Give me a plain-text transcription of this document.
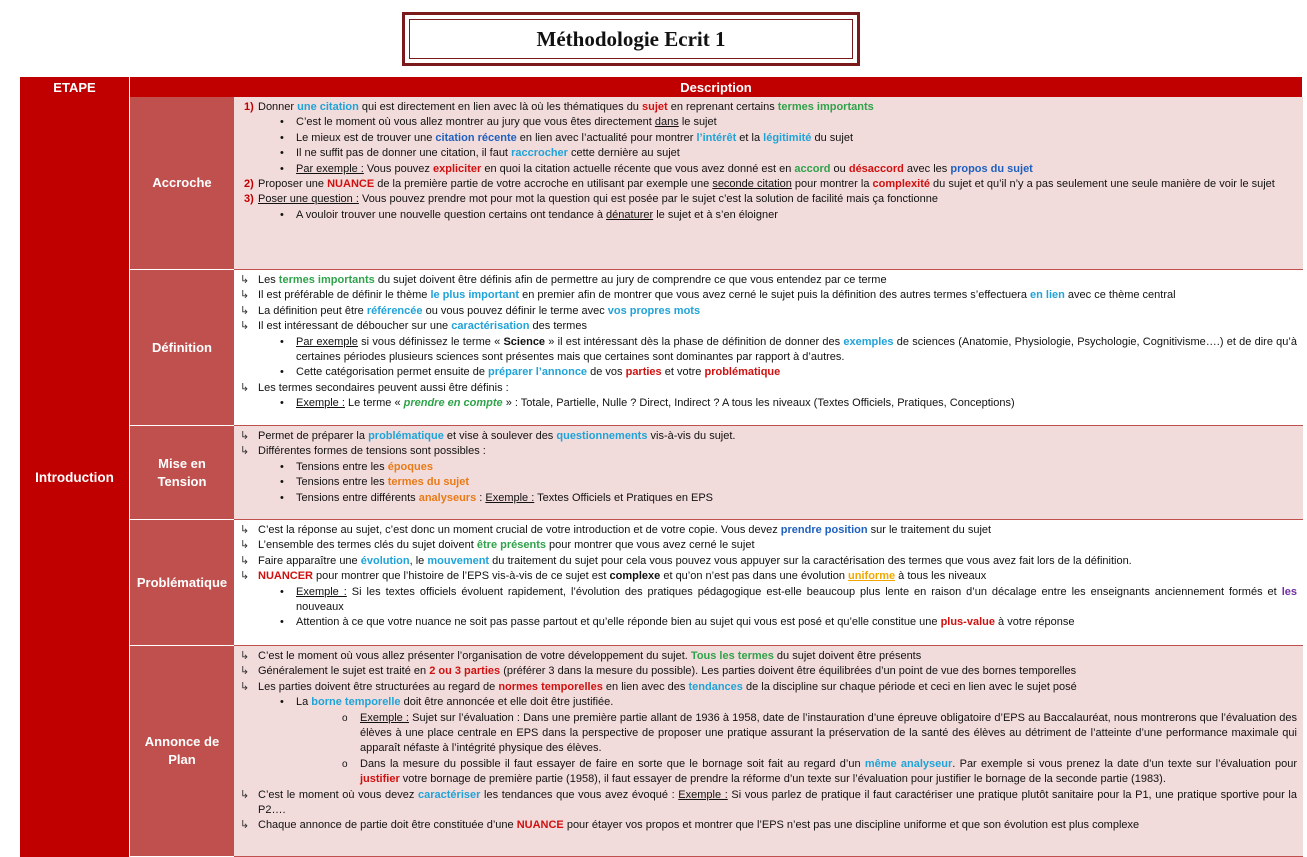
Méthodologie Ecrit 1
ETAPE	Description
Introduction
Accroche
1) Donner une citation qui est directement en lien avec là où les thématiques du sujet en reprenant certains termes importants
• C’est le moment où vous allez montrer au jury que vous êtes directement dans le sujet
• Le mieux est de trouver une citation récente en lien avec l’actualité pour montrer l’intérêt et la légitimité du sujet
• Il ne suffit pas de donner une citation, il faut raccrocher cette dernière au sujet
• Par exemple : Vous pouvez expliciter en quoi la citation actuelle récente que vous avez donné est en accord ou désaccord avec les propos du sujet
2) Proposer une NUANCE de la première partie de votre accroche en utilisant par exemple une seconde citation pour montrer la complexité du sujet et qu’il n’y a pas seulement une seule manière de voir le sujet
3) Poser une question : Vous pouvez prendre mot pour mot la question qui est posée par le sujet c’est la solution de facilité mais ça fonctionne
• A vouloir trouver une nouvelle question certains ont tendance à dénaturer le sujet et à s’en éloigner
Définition
↳ Les termes importants du sujet doivent être définis afin de permettre au jury de comprendre ce que vous entendez par ce terme
↳ Il est préférable de définir le thème le plus important en premier afin de montrer que vous avez cerné le sujet puis la définition des autres termes s’effectuera en lien avec ce thème central
↳ La définition peut être référencée ou vous pouvez définir le terme avec vos propres mots
↳ Il est intéressant de déboucher sur une caractérisation des termes
• Par exemple si vous définissez le terme « Science » il est intéressant dès la phase de définition de donner des exemples de sciences (Anatomie, Physiologie, Psychologie, Cognitivisme….) et de dire qu’à certaines périodes plusieurs sciences sont présentes mais que certaines sont dominantes par rapport à d’autres.
• Cette catégorisation permet ensuite de préparer l’annonce de vos parties et votre problématique
↳ Les termes secondaires peuvent aussi être définis :
• Exemple : Le terme « prendre en compte » : Totale, Partielle, Nulle ? Direct, Indirect ? A tous les niveaux (Textes Officiels, Pratiques, Conceptions)
Mise en Tension
↳ Permet de préparer la problématique et vise à soulever des questionnements vis-à-vis du sujet.
↳ Différentes formes de tensions sont possibles :
• Tensions entre les époques
• Tensions entre les termes du sujet
• Tensions entre différents analyseurs : Exemple : Textes Officiels et Pratiques en EPS
Problématique
↳ C’est la réponse au sujet, c’est donc un moment crucial de votre introduction et de votre copie. Vous devez prendre position sur le traitement du sujet
↳ L’ensemble des termes clés du sujet doivent être présents pour montrer que vous avez cerné le sujet
↳ Faire apparaître une évolution, le mouvement du traitement du sujet pour cela vous pouvez vous appuyer sur la caractérisation des termes que vous avez fait lors de la définition.
↳ NUANCER pour montrer que l’histoire de l’EPS vis-à-vis de ce sujet est complexe et qu’on n’est pas dans une évolution uniforme à tous les niveaux
• Exemple : Si les textes officiels évoluent rapidement, l’évolution des pratiques pédagogique est-elle beaucoup plus lente en raison d’un décalage entre les enseignants anciennement formés et les nouveaux
• Attention à ce que votre nuance ne soit pas passe partout et qu’elle réponde bien au sujet qui vous est posé et qu’elle constitue une plus-value à votre réponse
Annonce de Plan
↳ C’est le moment où vous allez présenter l’organisation de votre développement du sujet. Tous les termes du sujet doivent être présents
↳ Généralement le sujet est traité en 2 ou 3 parties (préférer 3 dans la mesure du possible). Les parties doivent être équilibrées d’un point de vue des bornes temporelles
↳ Les parties doivent être structurées au regard de normes temporelles en lien avec des tendances de la discipline sur chaque période et ceci en lien avec le sujet posé
• La borne temporelle doit être annoncée et elle doit être justifiée.
o Exemple : Sujet sur l’évaluation : Dans une première partie allant de 1936 à 1958, date de l’instauration d’une épreuve obligatoire d’EPS au Baccalauréat, nous montrerons que l’évaluation des élèves à une place centrale en EPS dans la perspective de proposer une pratique assurant la préservation de la santé des élèves au détriment de l’atteinte d’une performance maximale qui apparaît néfaste à l’intégrité physique des élèves.
o Dans la mesure du possible il faut essayer de faire en sorte que le bornage soit fait au regard d’un même analyseur. Par exemple si vous prenez la date d’un texte sur l’évaluation pour justifier votre bornage de première partie (1958), il faut essayer de prendre la réforme d’un texte sur l’évaluation pour justifier le bornage de la seconde partie (1983).
↳ C’est le moment où vous devez caractériser les tendances que vous avez évoqué : Exemple : Si vous parlez de pratique il faut caractériser une pratique plutôt sanitaire pour la P1, une pratique sportive pour la P2….
↳ Chaque annonce de partie doit être constituée d’une NUANCE pour étayer vos propos et montrer que l’EPS n’est pas une discipline uniforme et que son évolution est plus complexe
